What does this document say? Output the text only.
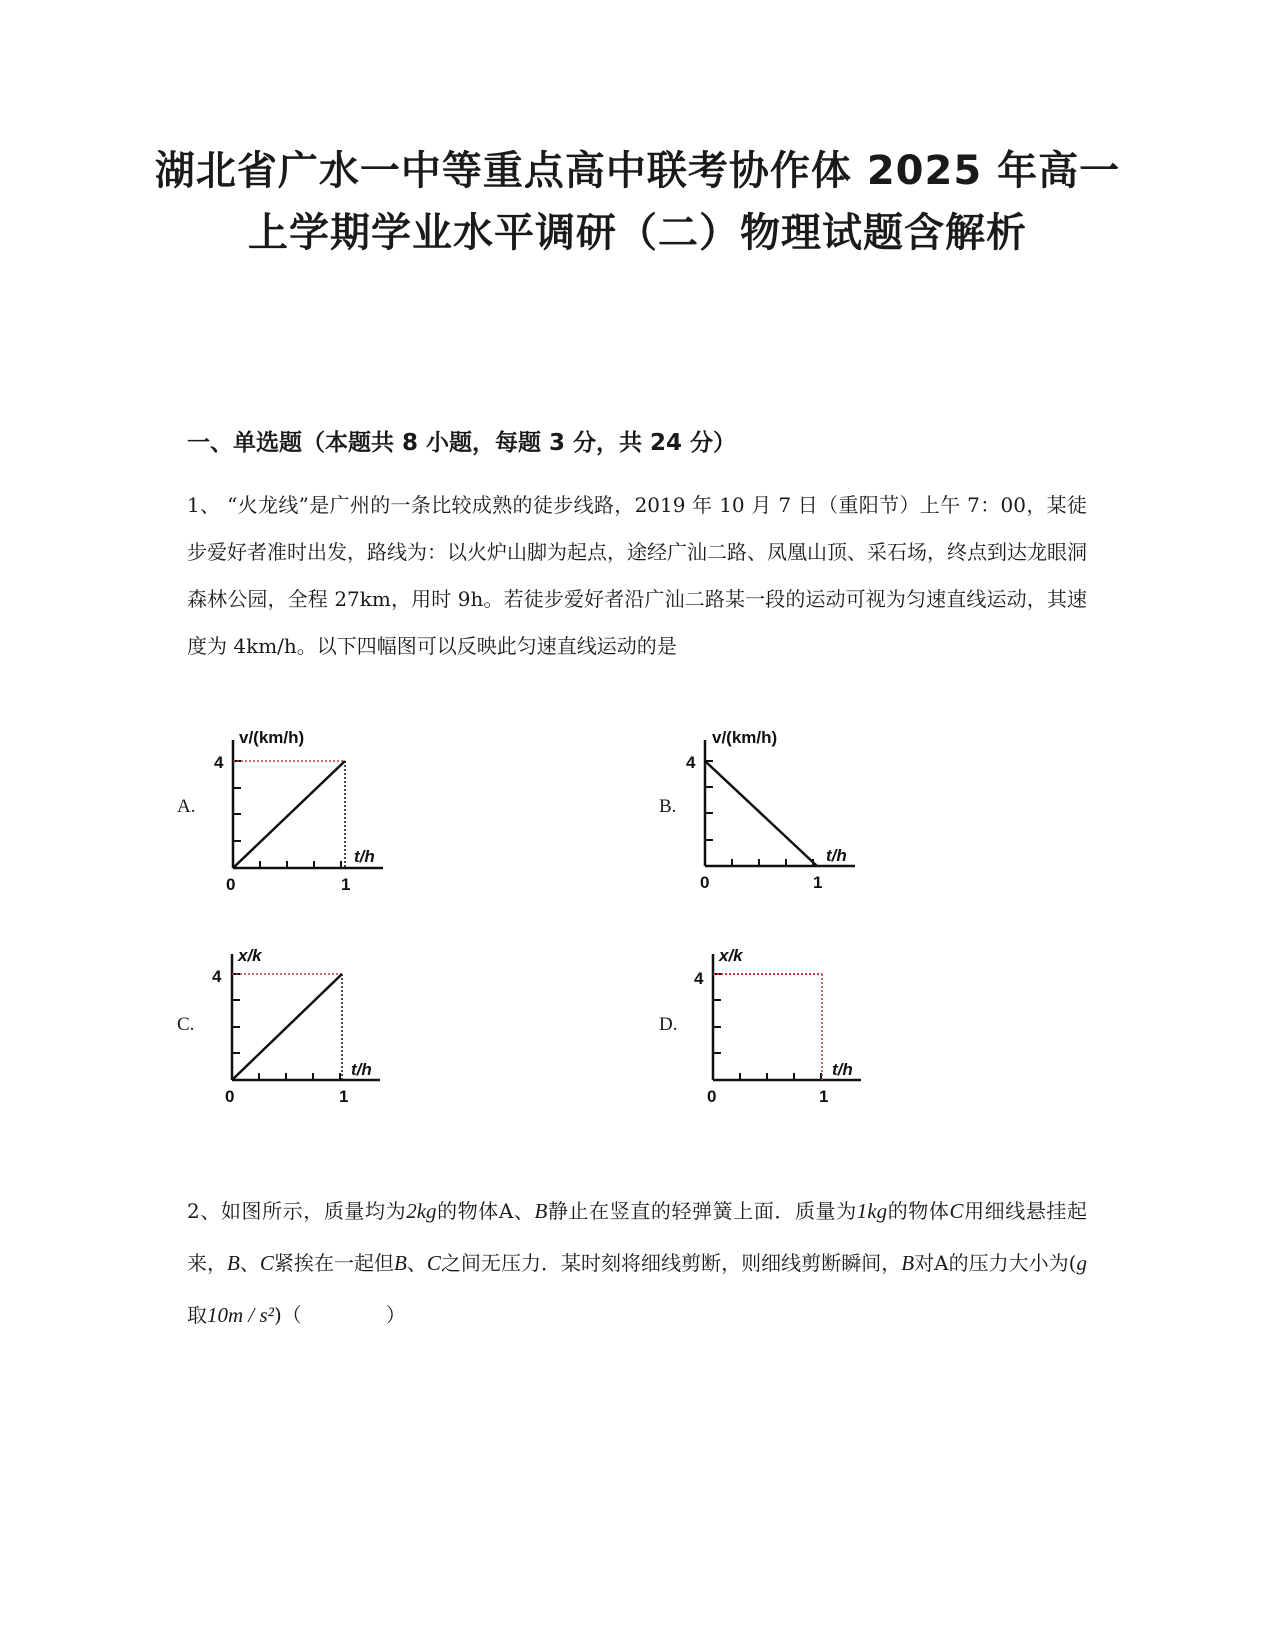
湖北省广水一中等重点高中联考协作体 2025 年高一上学期学业水平调研（二）物理试题含解析
一、单选题（本题共 8 小题，每题 3 分，共 24 分）

1、 “火龙线”是广州的一条比较成熟的徒步线路，2019 年 10 月 7 日（重阳节）上午 7：00，某徒步爱好者准时出发，路线为：以火炉山脚为起点，途经广汕二路、凤凰山顶、采石场，终点到达龙眼洞森林公园，全程 27km，用时 9h。若徒步爱好者沿广汕二路某一段的运动可视为匀速直线运动，其速度为 4km/h。以下四幅图可以反映此匀速直线运动的是

A.
v/(km/h)
4
t/h
0	1
B.
v/(km/h)
4
t/h
0	1
C.
x/k
4
t/h
0	1
D.
x/k
4
t/h
0	1

2、如图所示，质量均为2kg的物体A、B静止在竖直的轻弹簧上面．质量为1kg的物体C用细线悬挂起来，B、C紧挨在一起但B、C之间无压力．某时刻将细线剪断，则细线剪断瞬间，B对A的压力大小为(g取10m / s²)（	）
